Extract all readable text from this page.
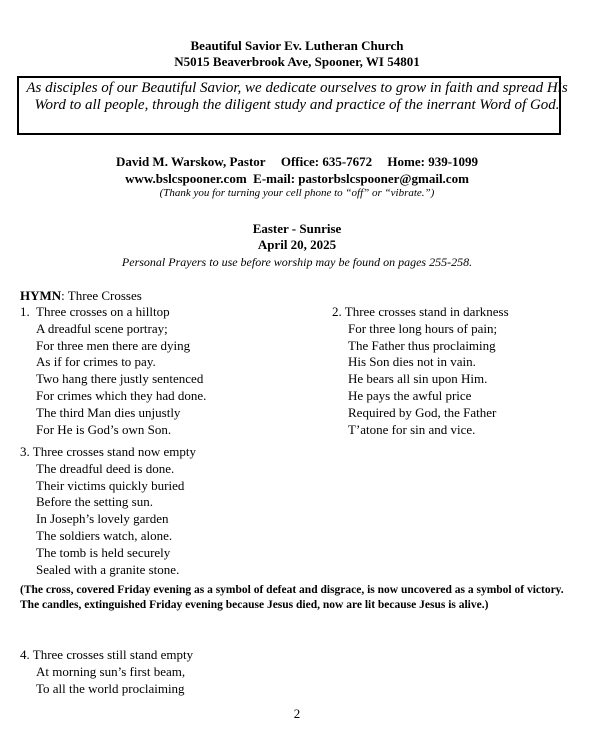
Beautiful Savior Ev. Lutheran Church
N5015 Beaverbrook Ave, Spooner, WI 54801
As disciples of our Beautiful Savior, we dedicate ourselves to grow in faith and spread His Word to all people, through the diligent study and practice of the inerrant Word of God.
David M. Warskow, Pastor Office: 635-7672 Home: 939-1099
www.bslcspooner.com  E-mail: pastorbslcspooner@gmail.com
(Thank you for turning your cell phone to “off” or “vibrate.”)
Easter - Sunrise
April 20, 2025
Personal Prayers to use before worship may be found on pages 255-258.
HYMN: Three Crosses
1.  Three crosses on a hilltop
A dreadful scene portray;
For three men there are dying
As if for crimes to pay.
Two hang there justly sentenced
For crimes which they had done.
The third Man dies unjustly
For He is God’s own Son.
2. Three crosses stand in darkness
For three long hours of pain;
The Father thus proclaiming
His Son dies not in vain.
He bears all sin upon Him.
He pays the awful price
Required by God, the Father
T’atone for sin and vice.
3. Three crosses stand now empty
The dreadful deed is done.
Their victims quickly buried
Before the setting sun.
In Joseph’s lovely garden
The soldiers watch, alone.
The tomb is held securely
Sealed with a granite stone.
(The cross, covered Friday evening as a symbol of defeat and disgrace, is now uncovered as a symbol of victory. The candles, extinguished Friday evening because Jesus died, now are lit because Jesus is alive.)
4. Three crosses still stand empty
At morning sun’s first beam,
To all the world proclaiming
2
